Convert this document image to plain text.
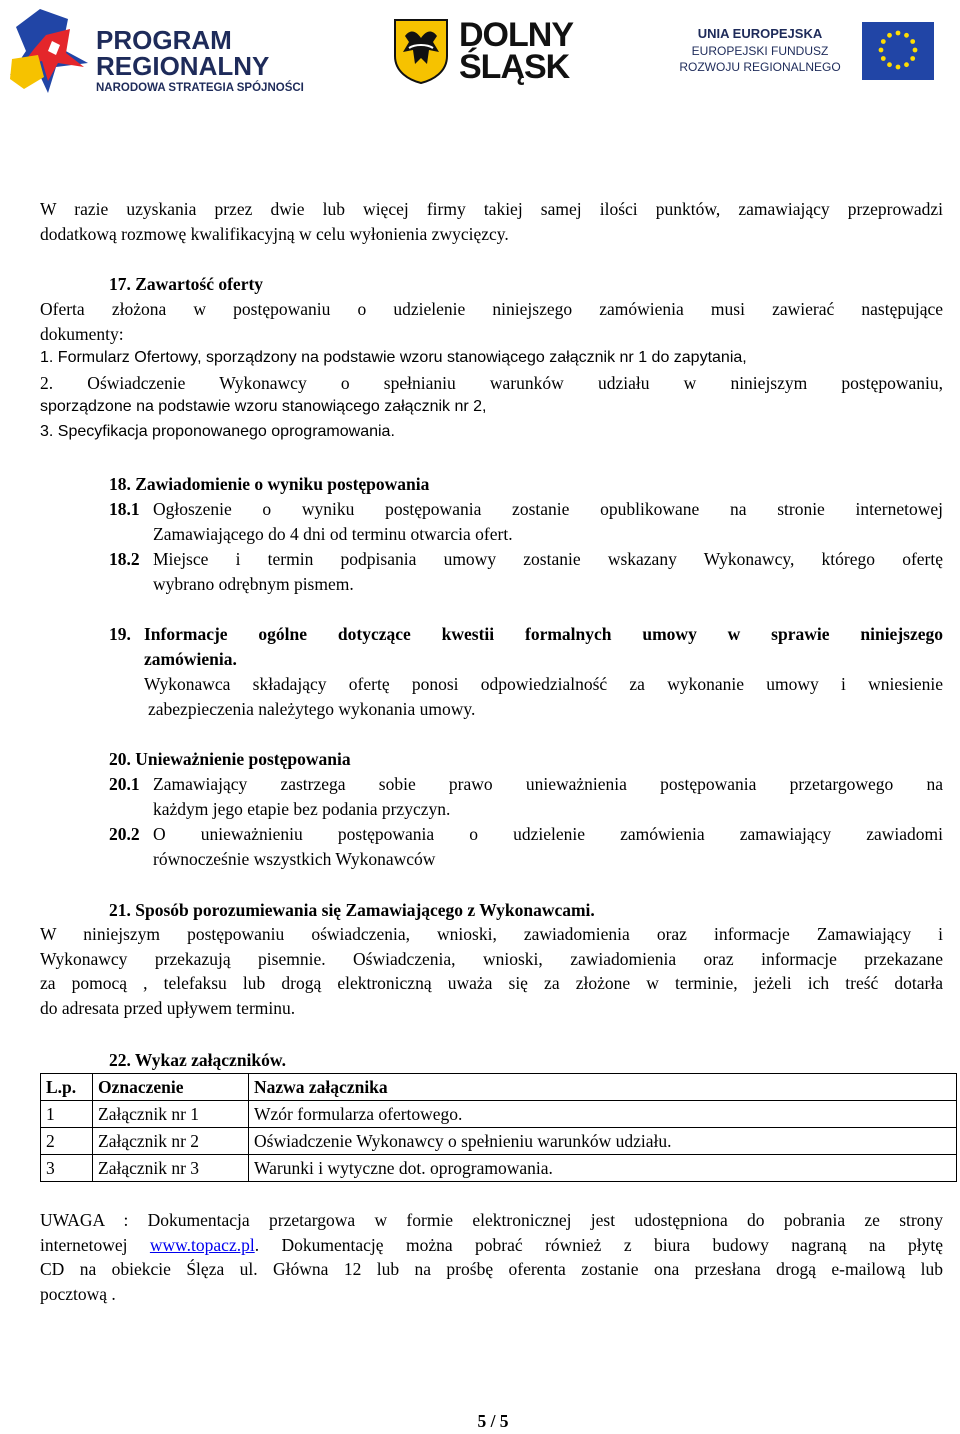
PROGRAM
REGIONALNY
NARODOWA STRATEGIA SPÓJNOŚCI
DOLNY
ŚLĄSK
UNIA EUROPEJSKA
EUROPEJSKI FUNDUSZ
ROZWOJU REGIONALNEGO
W razie uzyskania przez dwie lub więcej firmy takiej samej ilości punktów, zamawiający przeprowadzi
dodatkową rozmowę kwalifikacyjną w celu wyłonienia zwycięzcy.
17. Zawartość oferty
Oferta złożona w postępowaniu o udzielenie niniejszego zamówienia musi zawierać następujące
dokumenty:
1. Formularz Ofertowy, sporządzony na podstawie wzoru stanowiącego załącznik nr 1 do zapytania,
2. Oświadczenie Wykonawcy o spełnianiu warunków udziału w niniejszym postępowaniu,
sporządzone na podstawie wzoru stanowiącego załącznik nr 2,
3. Specyfikacja proponowanego oprogramowania.
18. Zawiadomienie o wyniku postępowania
18.1 Ogłoszenie o wyniku postępowania zostanie opublikowane na stronie internetowej
Zamawiającego do 4 dni od terminu otwarcia ofert.
18.2 Miejsce i termin podpisania umowy zostanie wskazany Wykonawcy, którego ofertę
wybrano odrębnym pismem.
19. Informacje ogólne dotyczące kwestii formalnych umowy w sprawie niniejszego
zamówienia.
Wykonawca składający ofertę ponosi odpowiedzialność za wykonanie umowy i wniesienie
zabezpieczenia należytego wykonania umowy.
20. Unieważnienie postępowania
20.1 Zamawiający zastrzega sobie prawo unieważnienia postępowania przetargowego na
każdym jego etapie bez podania przyczyn.
20.2 O unieważnieniu postępowania o udzielenie zamówienia zamawiający zawiadomi
równocześnie wszystkich Wykonawców
21. Sposób porozumiewania się Zamawiającego z Wykonawcami.
W niniejszym postępowaniu oświadczenia, wnioski, zawiadomienia oraz informacje Zamawiający i
Wykonawcy przekazują pisemnie. Oświadczenia, wnioski, zawiadomienia oraz informacje przekazane
za pomocą , telefaksu lub drogą elektroniczną uważa się za złożone w terminie, jeżeli ich treść dotarła
do adresata przed upływem terminu.
22. Wykaz załączników.
L.p.	Oznaczenie	Nazwa załącznika
1	Załącznik nr 1	Wzór formularza ofertowego.
2	Załącznik nr 2	Oświadczenie Wykonawcy o spełnieniu warunków udziału.
3	Załącznik nr 3	Warunki i wytyczne dot. oprogramowania.
UWAGA : Dokumentacja przetargowa w formie elektronicznej jest udostępniona do pobrania ze strony
internetowej www.topacz.pl. Dokumentację można pobrać również z biura budowy nagraną na płytę
CD na obiekcie Ślęza ul. Główna 12 lub na prośbę oferenta zostanie ona przesłana drogą e-mailową lub
pocztową .
5 / 5
